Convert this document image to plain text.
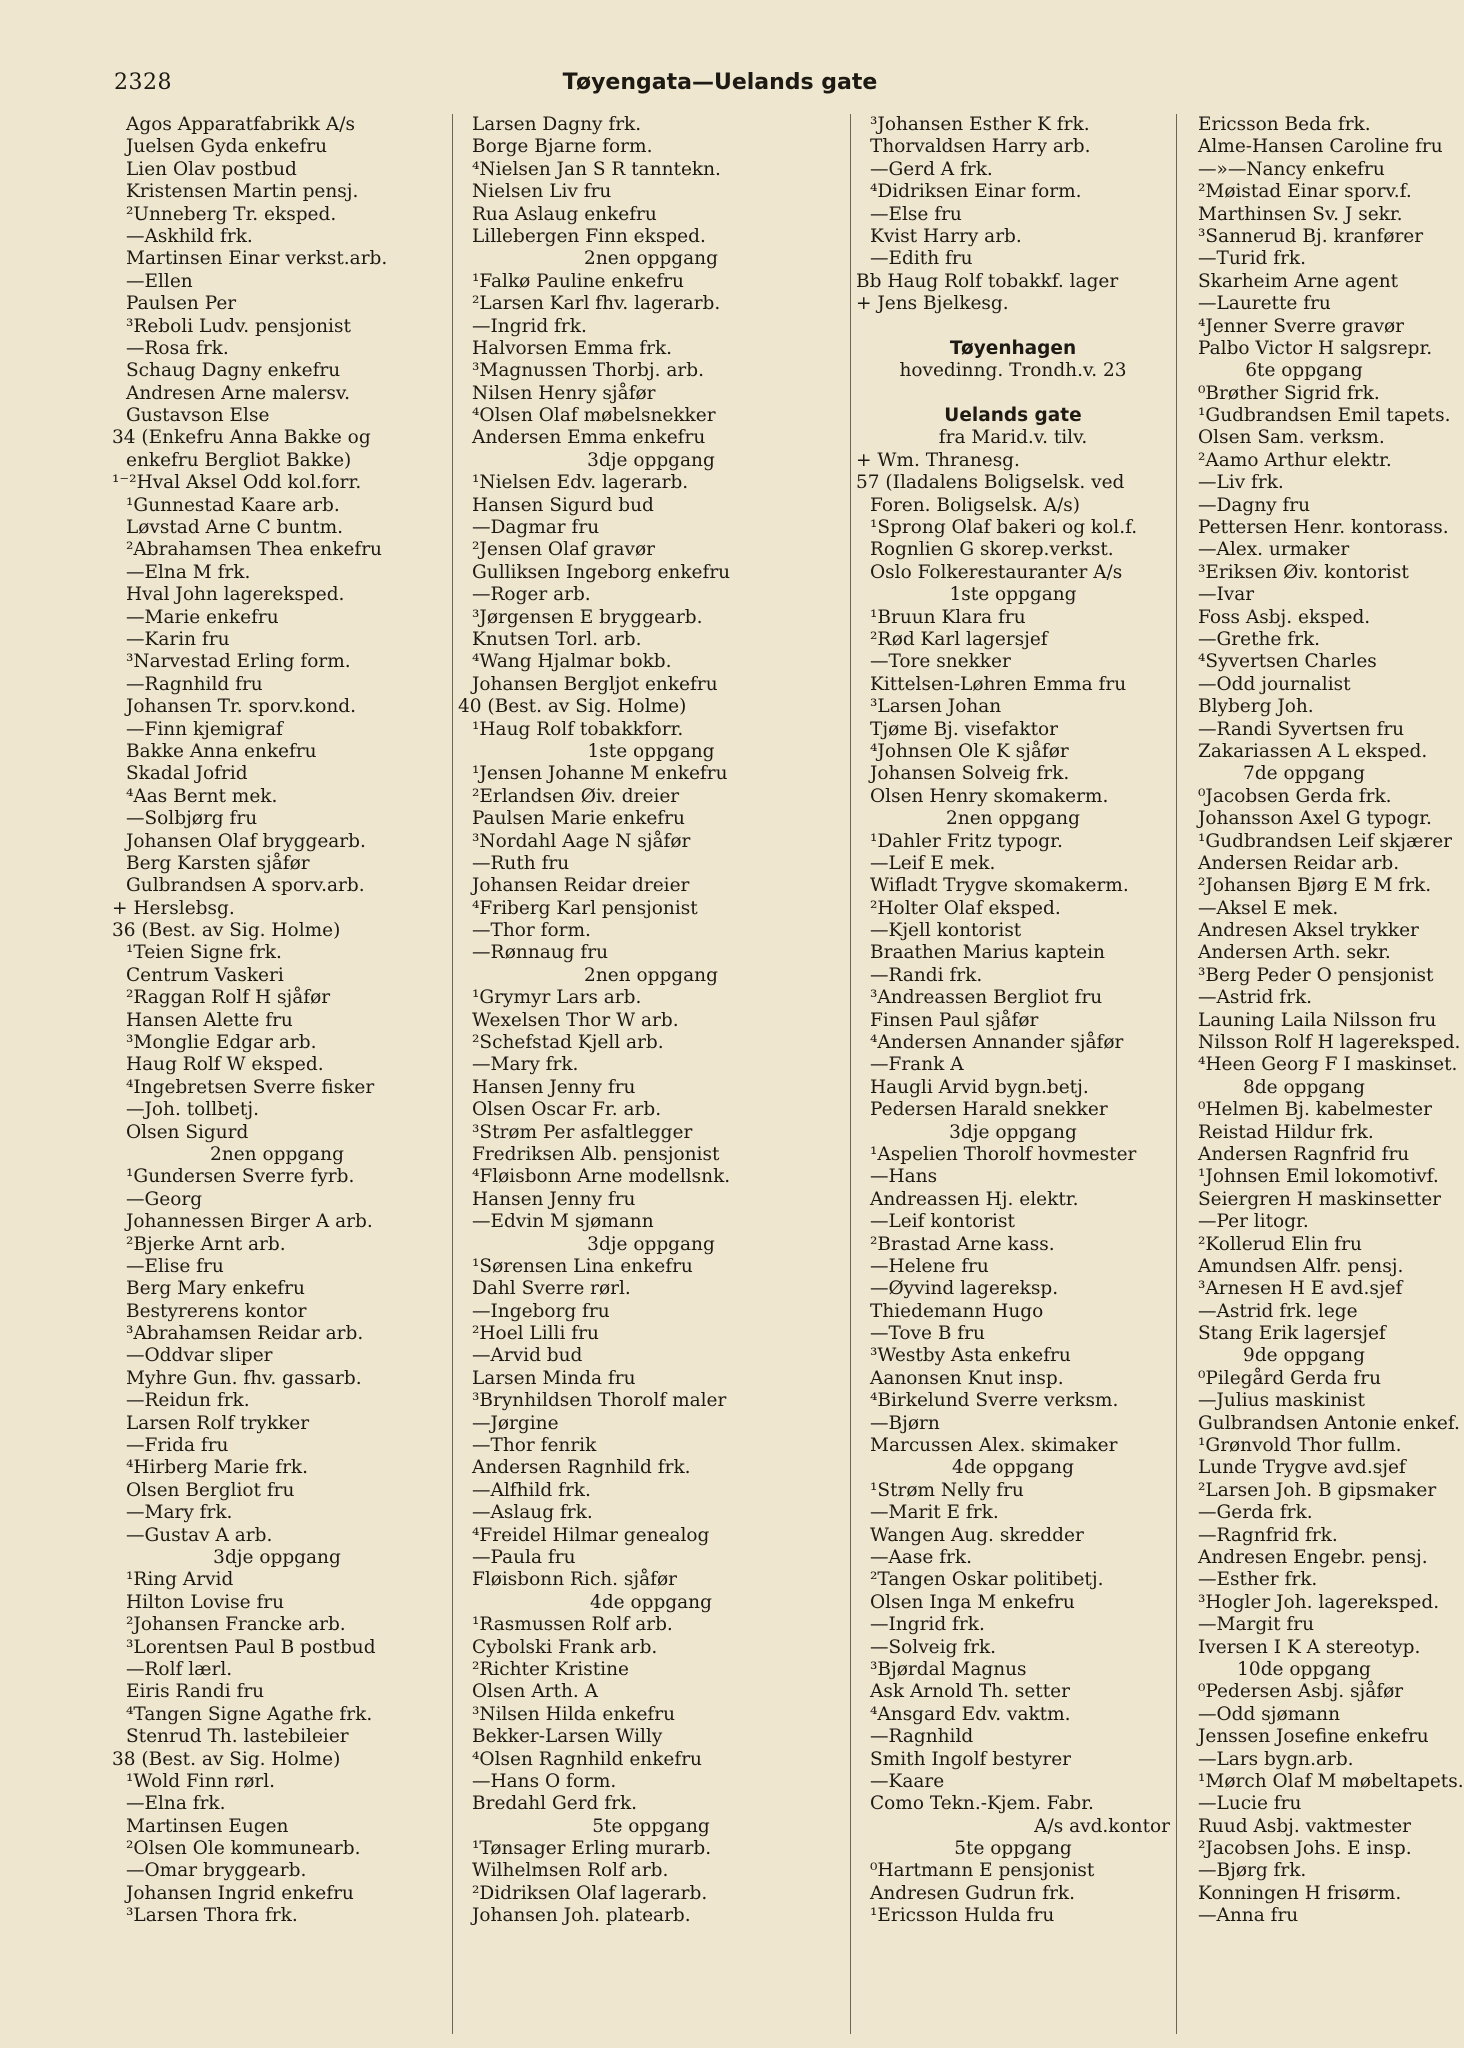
2328	Tøyengata—Uelands gate
Agos Apparatfabrikk A/s
Juelsen Gyda enkefru
Lien Olav postbud
Kristensen Martin pensj.
²Unneberg Tr. eksped.
—Askhild frk.
Martinsen Einar verkst.arb.
—Ellen
Paulsen Per
³Reboli Ludv. pensjonist
—Rosa frk.
Schaug Dagny enkefru
Andresen Arne malersv.
Gustavson Else
34 (Enkefru Anna Bakke og
enkefru Bergliot Bakke)
¹⁻²Hval Aksel Odd kol.forr.
¹Gunnestad Kaare arb.
Løvstad Arne C buntm.
²Abrahamsen Thea enkefru
—Elna M frk.
Hval John lagereksped.
—Marie enkefru
—Karin fru
³Narvestad Erling form.
—Ragnhild fru
Johansen Tr. sporv.kond.
—Finn kjemigraf
Bakke Anna enkefru
Skadal Jofrid
⁴Aas Bernt mek.
—Solbjørg fru
Johansen Olaf bryggearb.
Berg Karsten sjåfør
Gulbrandsen A sporv.arb.
+ Herslebsg.
36 (Best. av Sig. Holme)
¹Teien Signe frk.
Centrum Vaskeri
²Raggan Rolf H sjåfør
Hansen Alette fru
³Monglie Edgar arb.
Haug Rolf W eksped.
⁴Ingebretsen Sverre fisker
—Joh. tollbetj.
Olsen Sigurd
2nen oppgang
¹Gundersen Sverre fyrb.
—Georg
Johannessen Birger A arb.
²Bjerke Arnt arb.
—Elise fru
Berg Mary enkefru
Bestyrerens kontor
³Abrahamsen Reidar arb.
—Oddvar sliper
Myhre Gun. fhv. gassarb.
—Reidun frk.
Larsen Rolf trykker
—Frida fru
⁴Hirberg Marie frk.
Olsen Bergliot fru
—Mary frk.
—Gustav A arb.
3dje oppgang
¹Ring Arvid
Hilton Lovise fru
²Johansen Francke arb.
³Lorentsen Paul B postbud
—Rolf lærl.
Eiris Randi fru
⁴Tangen Signe Agathe frk.
Stenrud Th. lastebileier
38 (Best. av Sig. Holme)
¹Wold Finn rørl.
—Elna frk.
Martinsen Eugen
²Olsen Ole kommunearb.
—Omar bryggearb.
Johansen Ingrid enkefru
³Larsen Thora frk.
Larsen Dagny frk.
Borge Bjarne form.
⁴Nielsen Jan S R tanntekn.
Nielsen Liv fru
Rua Aslaug enkefru
Lillebergen Finn eksped.
2nen oppgang
¹Falkø Pauline enkefru
²Larsen Karl fhv. lagerarb.
—Ingrid frk.
Halvorsen Emma frk.
³Magnussen Thorbj. arb.
Nilsen Henry sjåfør
⁴Olsen Olaf møbelsnekker
Andersen Emma enkefru
3dje oppgang
¹Nielsen Edv. lagerarb.
Hansen Sigurd bud
—Dagmar fru
²Jensen Olaf gravør
Gulliksen Ingeborg enkefru
—Roger arb.
³Jørgensen E bryggearb.
Knutsen Torl. arb.
⁴Wang Hjalmar bokb.
Johansen Bergljot enkefru
40 (Best. av Sig. Holme)
¹Haug Rolf tobakkforr.
1ste oppgang
¹Jensen Johanne M enkefru
²Erlandsen Øiv. dreier
Paulsen Marie enkefru
³Nordahl Aage N sjåfør
—Ruth fru
Johansen Reidar dreier
⁴Friberg Karl pensjonist
—Thor form.
—Rønnaug fru
2nen oppgang
¹Grymyr Lars arb.
Wexelsen Thor W arb.
²Schefstad Kjell arb.
—Mary frk.
Hansen Jenny fru
Olsen Oscar Fr. arb.
³Strøm Per asfaltlegger
Fredriksen Alb. pensjonist
⁴Fløisbonn Arne modellsnk.
Hansen Jenny fru
—Edvin M sjømann
3dje oppgang
¹Sørensen Lina enkefru
Dahl Sverre rørl.
—Ingeborg fru
²Hoel Lilli fru
—Arvid bud
Larsen Minda fru
³Brynhildsen Thorolf maler
—Jørgine
—Thor fenrik
Andersen Ragnhild frk.
—Alfhild frk.
—Aslaug frk.
⁴Freidel Hilmar genealog
—Paula fru
Fløisbonn Rich. sjåfør
4de oppgang
¹Rasmussen Rolf arb.
Cybolski Frank arb.
²Richter Kristine
Olsen Arth. A
³Nilsen Hilda enkefru
Bekker-Larsen Willy
⁴Olsen Ragnhild enkefru
—Hans O form.
Bredahl Gerd frk.
5te oppgang
¹Tønsager Erling murarb.
Wilhelmsen Rolf arb.
²Didriksen Olaf lagerarb.
Johansen Joh. platearb.
³Johansen Esther K frk.
Thorvaldsen Harry arb.
—Gerd A frk.
⁴Didriksen Einar form.
—Else fru
Kvist Harry arb.
—Edith fru
Bb Haug Rolf tobakkf. lager
+ Jens Bjelkesg.
Tøyenhagen
hovedinng. Trondh.v. 23
Uelands gate
fra Marid.v. tilv.
+ Wm. Thranesg.
57 (Iladalens Boligselsk. ved
Foren. Boligselsk. A/s)
¹Sprong Olaf bakeri og kol.f.
Rognlien G skorep.verkst.
Oslo Folkerestauranter A/s
1ste oppgang
¹Bruun Klara fru
²Rød Karl lagersjef
—Tore snekker
Kittelsen-Løhren Emma fru
³Larsen Johan
Tjøme Bj. visefaktor
⁴Johnsen Ole K sjåfør
Johansen Solveig frk.
Olsen Henry skomakerm.
2nen oppgang
¹Dahler Fritz typogr.
—Leif E mek.
Wifladt Trygve skomakerm.
²Holter Olaf eksped.
—Kjell kontorist
Braathen Marius kaptein
—Randi frk.
³Andreassen Bergliot fru
Finsen Paul sjåfør
⁴Andersen Annander sjåfør
—Frank A
Haugli Arvid bygn.betj.
Pedersen Harald snekker
3dje oppgang
¹Aspelien Thorolf hovmester
—Hans
Andreassen Hj. elektr.
—Leif kontorist
²Brastad Arne kass.
—Helene fru
—Øyvind lagereksp.
Thiedemann Hugo
—Tove B fru
³Westby Asta enkefru
Aanonsen Knut insp.
⁴Birkelund Sverre verksm.
—Bjørn
Marcussen Alex. skimaker
4de oppgang
¹Strøm Nelly fru
—Marit E frk.
Wangen Aug. skredder
—Aase frk.
²Tangen Oskar politibetj.
Olsen Inga M enkefru
—Ingrid frk.
—Solveig frk.
³Bjørdal Magnus
Ask Arnold Th. setter
⁴Ansgard Edv. vaktm.
—Ragnhild
Smith Ingolf bestyrer
—Kaare
Como Tekn.-Kjem. Fabr.
A/s avd.kontor
5te oppgang
⁰Hartmann E pensjonist
Andresen Gudrun frk.
¹Ericsson Hulda fru
Ericsson Beda frk.
Alme-Hansen Caroline fru
—»—Nancy enkefru
²Møistad Einar sporv.f.
Marthinsen Sv. J sekr.
³Sannerud Bj. kranfører
—Turid frk.
Skarheim Arne agent
—Laurette fru
⁴Jenner Sverre gravør
Palbo Victor H salgsrepr.
6te oppgang
⁰Brøther Sigrid frk.
¹Gudbrandsen Emil tapets.
Olsen Sam. verksm.
²Aamo Arthur elektr.
—Liv frk.
—Dagny fru
Pettersen Henr. kontorass.
—Alex. urmaker
³Eriksen Øiv. kontorist
—Ivar
Foss Asbj. eksped.
—Grethe frk.
⁴Syvertsen Charles
—Odd journalist
Blyberg Joh.
—Randi Syvertsen fru
Zakariassen A L eksped.
7de oppgang
⁰Jacobsen Gerda frk.
Johansson Axel G typogr.
¹Gudbrandsen Leif skjærer
Andersen Reidar arb.
²Johansen Bjørg E M frk.
—Aksel E mek.
Andresen Aksel trykker
Andersen Arth. sekr.
³Berg Peder O pensjonist
—Astrid frk.
Launing Laila Nilsson fru
Nilsson Rolf H lagereksped.
⁴Heen Georg F I maskinset.
8de oppgang
⁰Helmen Bj. kabelmester
Reistad Hildur frk.
Andersen Ragnfrid fru
¹Johnsen Emil lokomotivf.
Seiergren H maskinsetter
—Per litogr.
²Kollerud Elin fru
Amundsen Alfr. pensj.
³Arnesen H E avd.sjef
—Astrid frk. lege
Stang Erik lagersjef
9de oppgang
⁰Pilegård Gerda fru
—Julius maskinist
Gulbrandsen Antonie enkef.
¹Grønvold Thor fullm.
Lunde Trygve avd.sjef
²Larsen Joh. B gipsmaker
—Gerda frk.
—Ragnfrid frk.
Andresen Engebr. pensj.
—Esther frk.
³Hogler Joh. lagereksped.
—Margit fru
Iversen I K A stereotyp.
10de oppgang
⁰Pedersen Asbj. sjåfør
—Odd sjømann
Jenssen Josefine enkefru
—Lars bygn.arb.
¹Mørch Olaf M møbeltapets.
—Lucie fru
Ruud Asbj. vaktmester
²Jacobsen Johs. E insp.
—Bjørg frk.
Konningen H frisørm.
—Anna fru
